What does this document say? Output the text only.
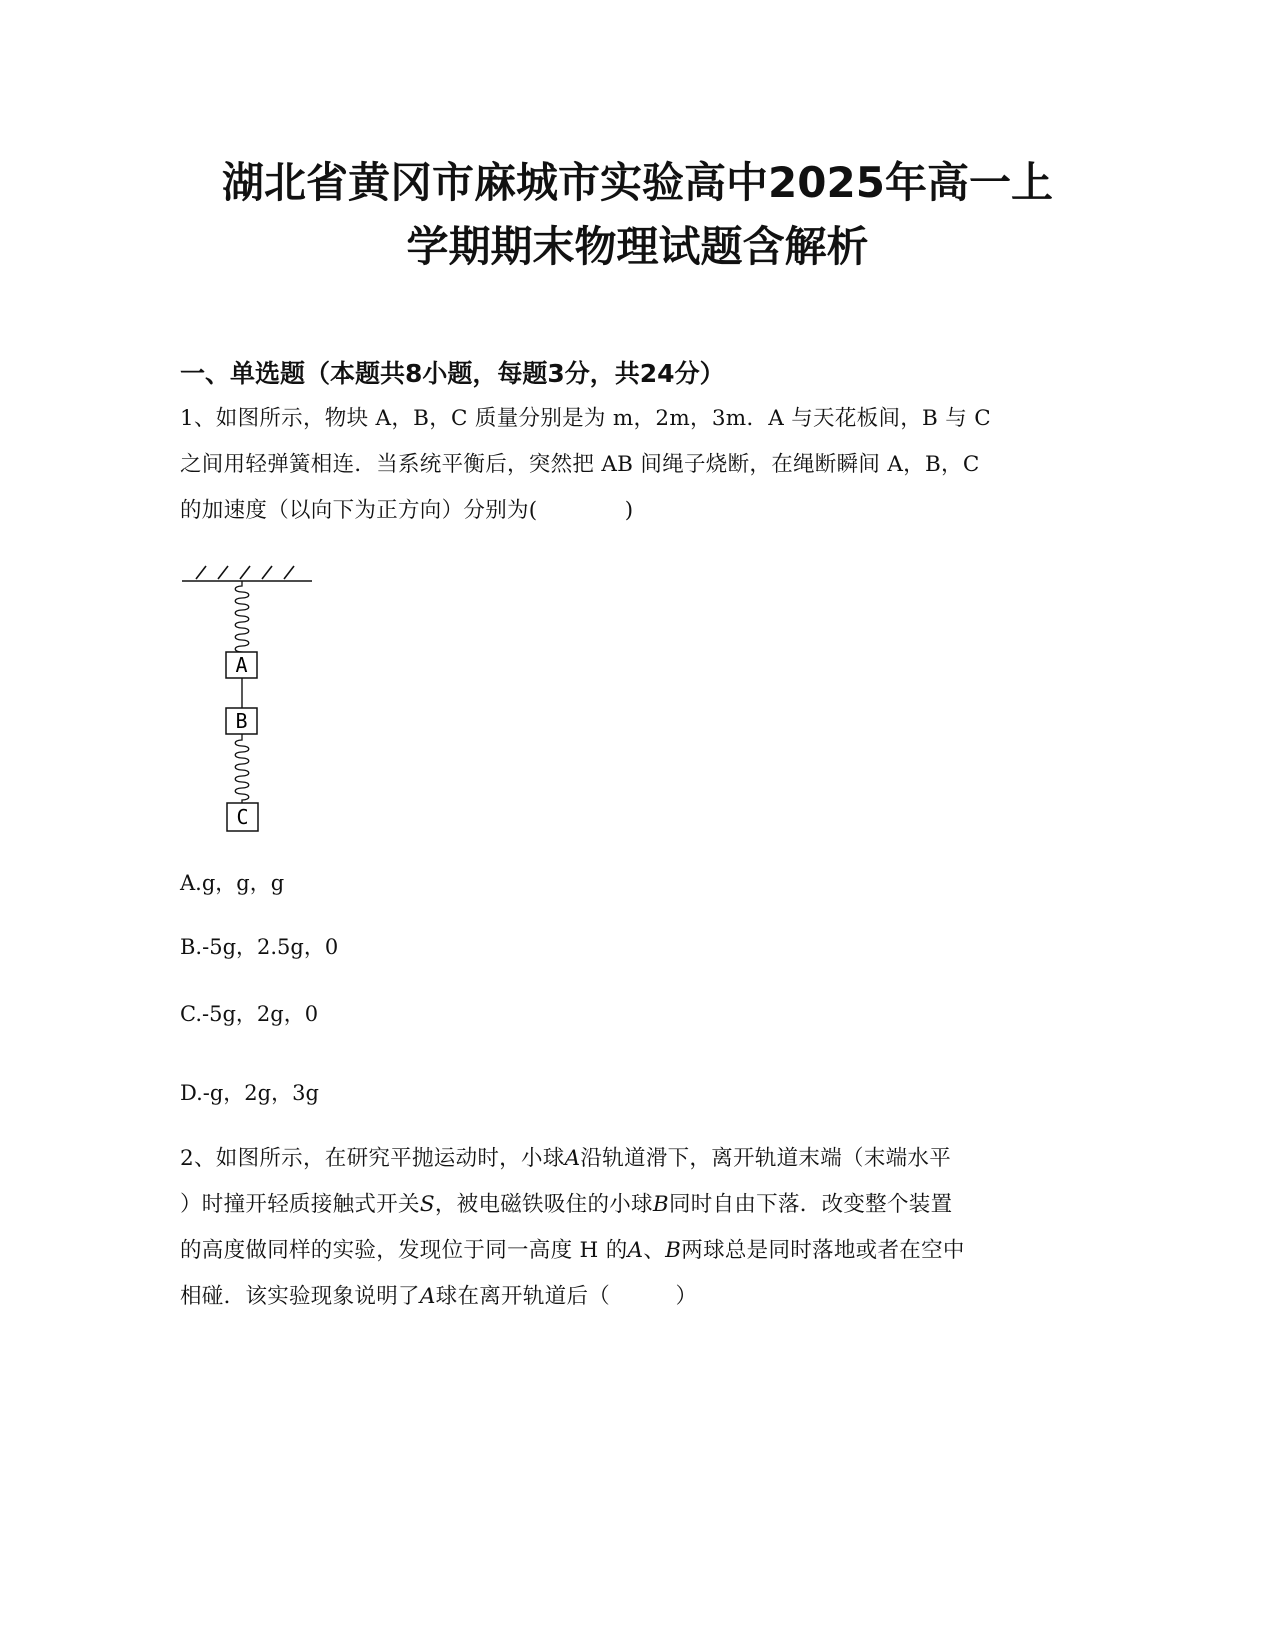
湖北省黄冈市麻城市实验高中2025年高一上
学期期末物理试题含解析
一、单选题（本题共8小题，每题3分，共24分）
1、如图所示，物块 A，B，C 质量分别是为 m，2m，3m．A 与天花板间，B 与 C
之间用轻弹簧相连．当系统平衡后，突然把 AB 间绳子烧断，在绳断瞬间 A，B，C
的加速度（以向下为正方向）分别为(　　　　)
A
B
C
A.g，g，g
B.-5g，2.5g，0
C.-5g，2g，0
D.-g，2g，3g
2、如图所示，在研究平抛运动时，小球A沿轨道滑下，离开轨道末端（末端水平
）时撞开轻质接触式开关S，被电磁铁吸住的小球B同时自由下落．改变整个装置
的高度做同样的实验，发现位于同一高度 H 的A、B两球总是同时落地或者在空中
相碰．该实验现象说明了A球在离开轨道后（　　　）
